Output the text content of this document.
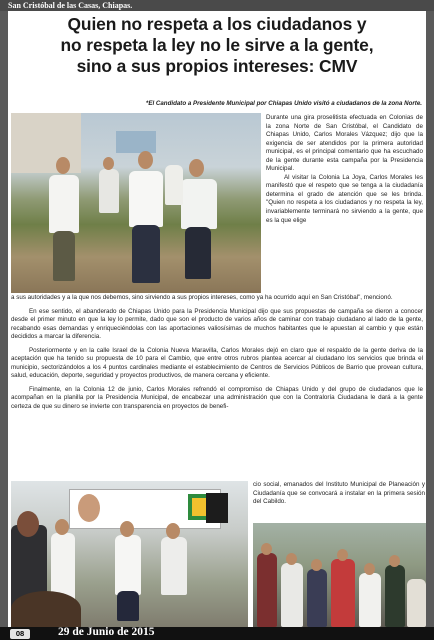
San Cristóbal de las Casas, Chiapas.
Quien no respeta a los ciudadanos y
no respeta la ley no le sirve a la gente,
sino a sus propios intereses: CMV
*El Candidato a Presidente Municipal por Chiapas Unido visitó a ciudadanos de la zona Norte.

Durante una gira proselitista efectuada en Colonias de la zona Norte de San Cristóbal, el Candidato de Chiapas Unido, Carlos Morales Vázquez; dijo que la exigencia de ser atendidos por la primera autoridad municipal, es el principal comentario que ha escuchado de la gente durante esta campaña por la Presidencia Municipal.

Al visitar la Colonia La Joya, Carlos Morales les manifestó que el respeto que se tenga a la ciudadanía determina el grado de atención que se les brinda. "Quien no respeta a los ciudadanos y no respeta la ley, invariablemente terminará no sirviendo a la gente, que es la que elige

a sus autoridades y a la que nos debemos, sino sirviendo a sus propios intereses, como ya ha ocurrido aquí en San Cristóbal", mencionó.

En ese sentido, el abanderado de Chiapas Unido para la Presidencia Municipal dijo que sus propuestas de campaña se dieron a conocer desde el primer minuto en que la ley lo permite, dado que son el producto de varios años de caminar con trabajo ciudadano al lado de la gente, recabando esas demandas y enriqueciéndolas con las aportaciones valiosísimas de muchos habitantes que le apuestan al cambio y que están decididos a marcar la diferencia.

Posteriormente y en la calle Israel de la Colonia Nueva Maravilla, Carlos Morales dejó en claro que el respaldo de la gente deriva de la aceptación que ha tenido su propuesta de 10 para el Cambio, que entre otros rubros plantea acercar al ciudadano los servicios que brinda el municipio, sectorizándolos a los 4 puntos cardinales mediante el establecimiento de Centros de Servicios Públicos de Barrio que provean cultura, salud, educación, deporte, seguridad y proyectos productivos, de manera cercana y eficiente.

Finalmente, en la Colonia 12 de junio, Carlos Morales refrendó el compromiso de Chiapas Unido y del grupo de ciudadanos que le acompañan en la planilla por la Presidencia Municipal, de encabezar una administración que con la Contraloría Ciudadana le dará a la gente certeza de que su dinero se invierte con transparencia en proyectos de benefi-

cio social, emanados del Instituto Municipal de Planeación y Ciudadanía que se convocará a instalar en la primera sesión del Cabildo.

08	29 de Junio de 2015
